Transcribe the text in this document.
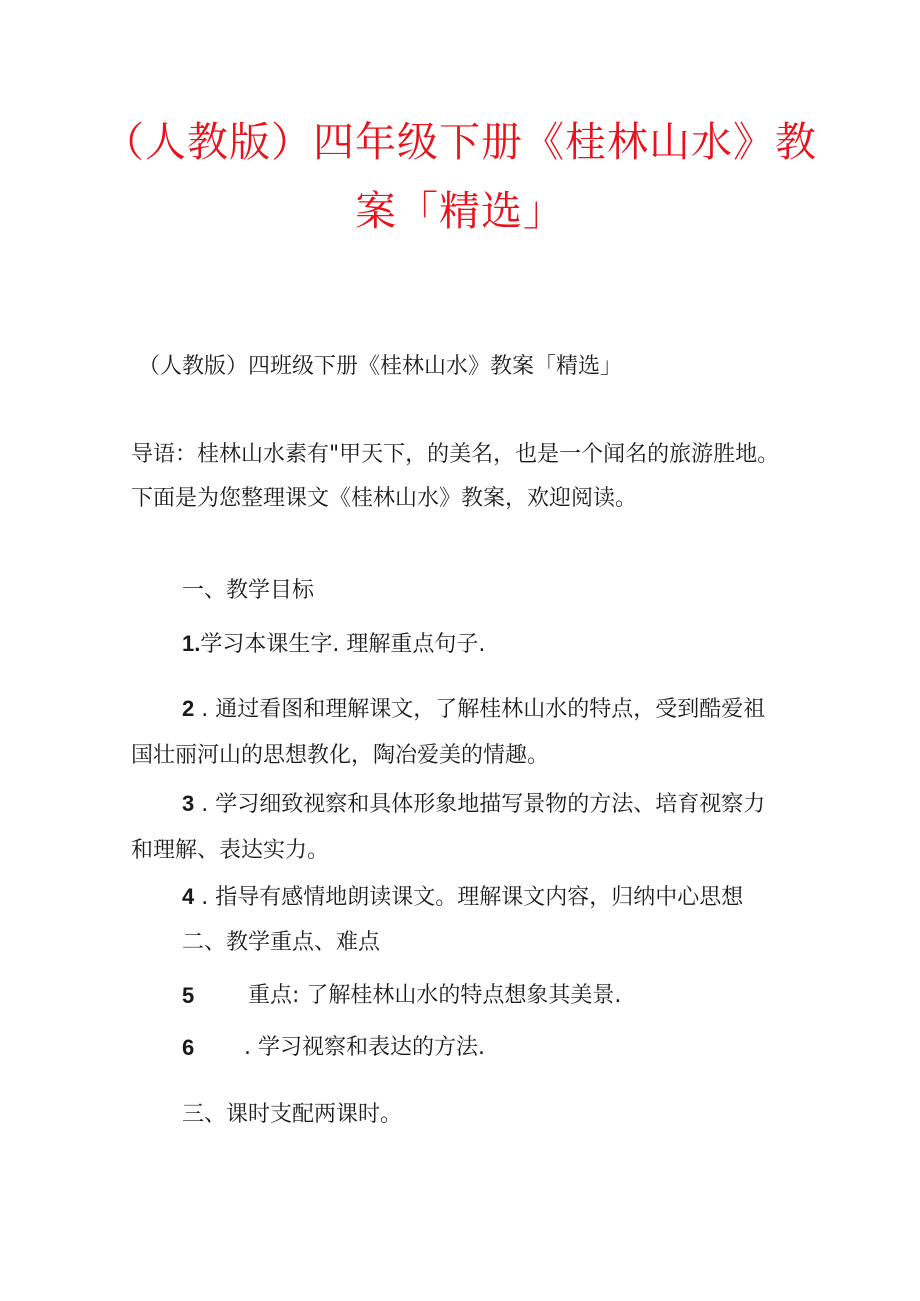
（人教版）四年级下册《桂林山水》教
案「精选」
（人教版）四班级下册《桂林山水》教案「精选」
导语：桂林山水素有"甲天下，的美名，也是一个闻名的旅游胜地。
下面是为您整理课文《桂林山水》教案，欢迎阅读。
一、教学目标
1.学习本课生字. 理解重点句子.
2 . 通过看图和理解课文，了解桂林山水的特点，受到酷爱祖
国壮丽河山的思想教化，陶冶爱美的情趣。
3 . 学习细致视察和具体形象地描写景物的方法、培育视察力
和理解、表达实力。
4 . 指导有感情地朗读课文。理解课文内容，归纳中心思想
二、教学重点、难点
5 重点: 了解桂林山水的特点想象其美景.
6 . 学习视察和表达的方法.
三、课时支配两课时。
